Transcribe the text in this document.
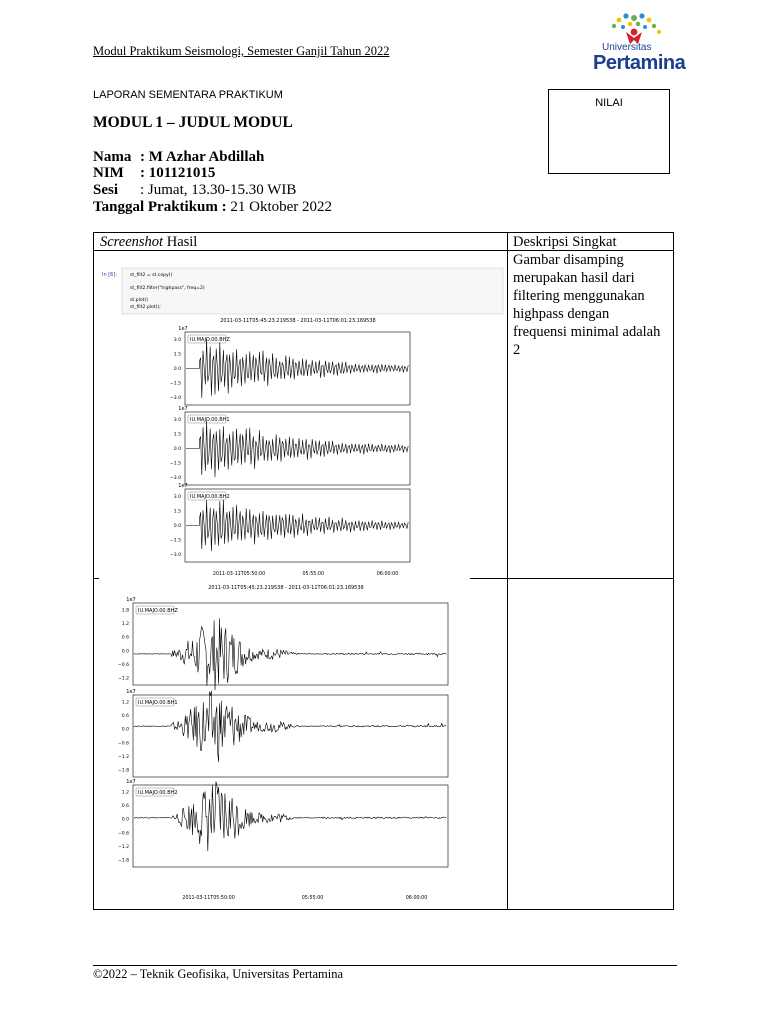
Modul Praktikum Seismologi, Semester Ganjil Tahun 2022	Universitas
Pertamina
LAPORAN SEMENTARA PRAKTIKUM
NILAI
MODUL 1 – JUDUL MODUL
Nama : M Azhar Abdillah
NIM : 101121015
Sesi : Jumat, 13.30-15.30 WIB
Tanggal Praktikum : 21 Oktober 2022
Screenshot Hasil	Deskripsi Singkat
Gambar disamping merupakan hasil dari filtering menggunakan highpass dengan frequensi minimal adalah 2
In [6]:	st_filt2 = st.copy()
st_filt2.filter("highpass", freq=2)
st.plot()
st_filt2.plot();
2011-03-11T05:45:23.219538 - 2011-03-11T06:01:23.169538
1e7
IU.MAJO.00.BHZ
3.0
1.5
0.0
−1.5
−3.0
1e7
IU.MAJO.00.BH1
3.0
1.5
0.0
−1.5
−3.0
1e7
IU.MAJO.00.BH2
3.0
1.5
0.0
−1.5
−3.0
2011-03-11T05:50:00	05:55:00	06:00:00
2011-03-11T05:45:23.219538 - 2011-03-11T06:01:23.169538
1e7
IU.MAJO.00.BHZ
1.8
1.2
0.6
0.0
−0.6
−1.2
1e7
IU.MAJO.00.BH1
1.2
0.6
0.0
−0.6
−1.2
−1.8
1e7
IU.MAJO.00.BH2
1.2
0.6
0.0
−0.6
−1.2
−1.8
2011-03-11T05:50:00	05:55:00	06:00:00
©2022 – Teknik Geofisika, Universitas Pertamina
